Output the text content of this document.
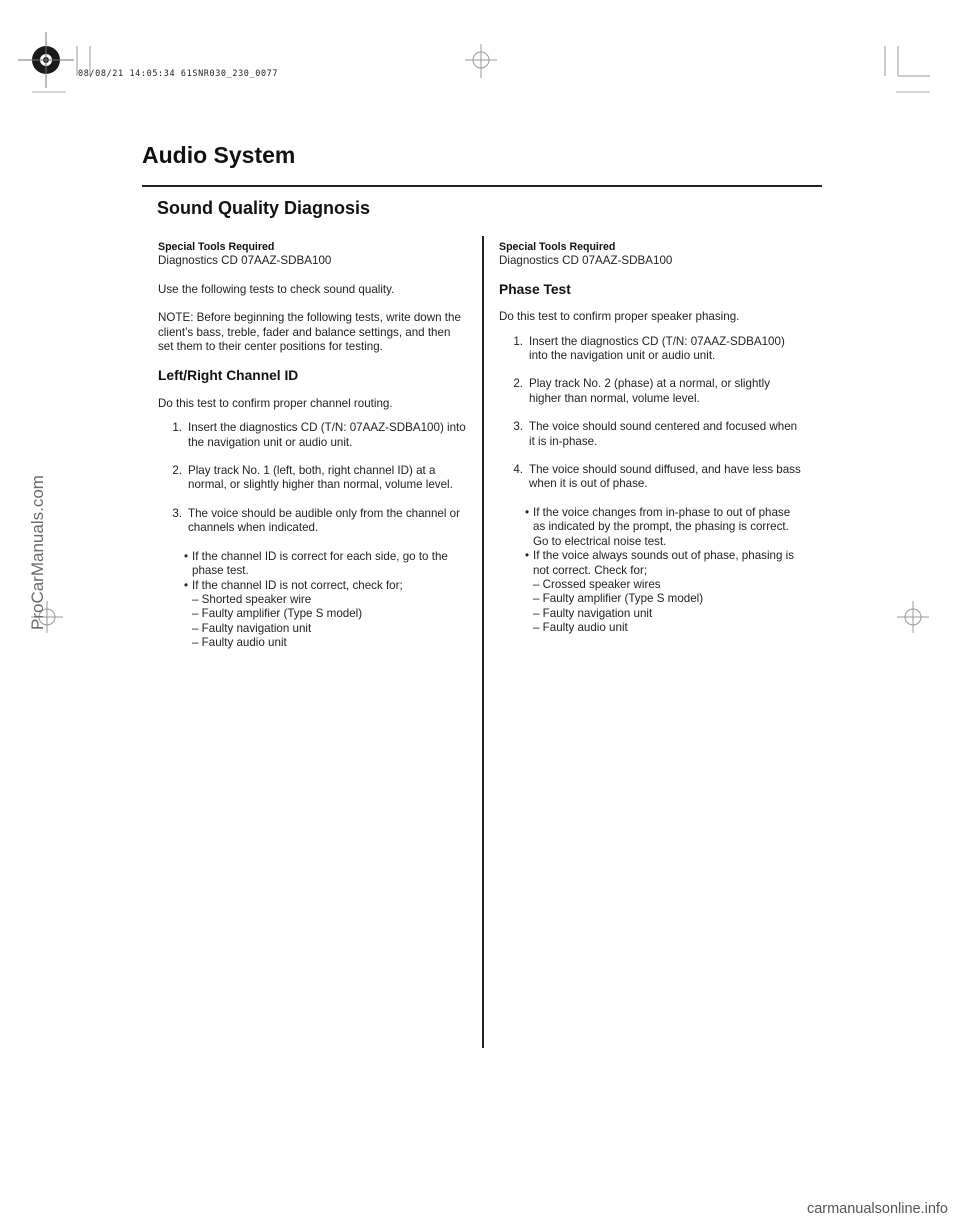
08/08/21 14:05:34 61SNR030_230_0077
Audio System
Sound Quality Diagnosis

Special Tools Required

Diagnostics CD 07AAZ-SDBA100

Use the following tests to check sound quality.

NOTE: Before beginning the following tests, write down the client’s bass, treble, fader and balance settings, and then set them to their center positions for testing.

Left/Right Channel ID

Do this test to confirm proper channel routing.

1. Insert the diagnostics CD (T/N: 07AAZ-SDBA100) into the navigation unit or audio unit.
2. Play track No. 1 (left, both, right channel ID) at a normal, or slightly higher than normal, volume level.
3. The voice should be audible only from the channel or channels when indicated.
• If the channel ID is correct for each side, go to the phase test.
• If the channel ID is not correct, check for;

– Shorted speaker wire

– Faulty amplifier (Type S model)

– Faulty navigation unit

– Faulty audio unit

Special Tools Required

Diagnostics CD 07AAZ-SDBA100

Phase Test

Do this test to confirm proper speaker phasing.

1. Insert the diagnostics CD (T/N: 07AAZ-SDBA100) into the navigation unit or audio unit.
2. Play track No. 2 (phase) at a normal, or slightly higher than normal, volume level.
3. The voice should sound centered and focused when it is in-phase.
4. The voice should sound diffused, and have less bass when it is out of phase.
• If the voice changes from in-phase to out of phase as indicated by the prompt, the phasing is correct. Go to electrical noise test.
• If the voice always sounds out of phase, phasing is not correct. Check for;

– Crossed speaker wires

– Faulty amplifier (Type S model)

– Faulty navigation unit

– Faulty audio unit

ProCarManuals.com
carmanualsonline.info
